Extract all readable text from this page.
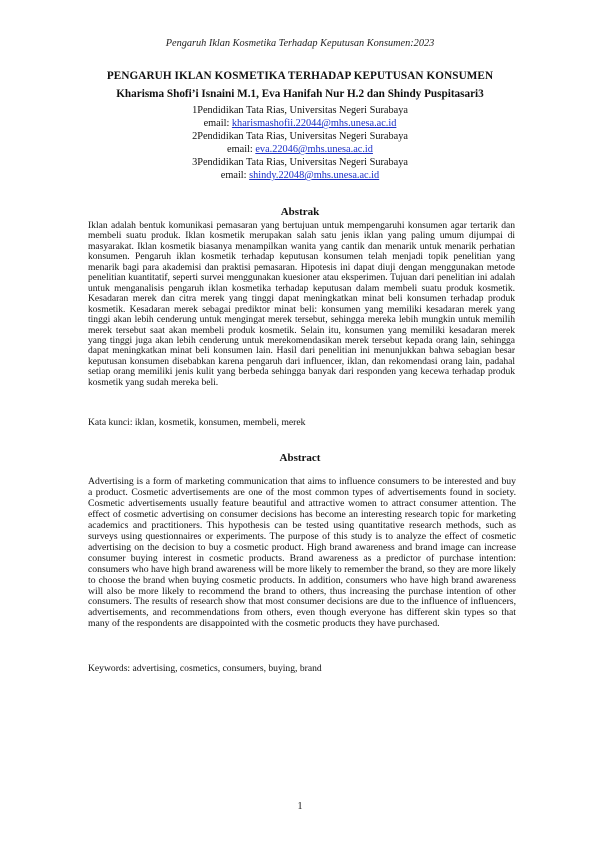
Pengaruh Iklan Kosmetika Terhadap Keputusan Konsumen:2023
PENGARUH IKLAN KOSMETIKA TERHADAP KEPUTUSAN KONSUMEN
Kharisma Shofi’i Isnaini M.1, Eva Hanifah Nur H.2 dan Shindy Puspitasari3
1Pendidikan Tata Rias, Universitas Negeri Surabaya
email: kharismashofii.22044@mhs.unesa.ac.id
2Pendidikan Tata Rias, Universitas Negeri Surabaya
email: eva.22046@mhs.unesa.ac.id
3Pendidikan Tata Rias, Universitas Negeri Surabaya
email: shindy.22048@mhs.unesa.ac.id
Abstrak

Iklan adalah bentuk komunikasi pemasaran yang bertujuan untuk mempengaruhi konsumen agar tertarik dan membeli suatu produk. Iklan kosmetik merupakan salah satu jenis iklan yang paling umum dijumpai di masyarakat. Iklan kosmetik biasanya menampilkan wanita yang cantik dan menarik untuk menarik perhatian konsumen. Pengaruh iklan kosmetik terhadap keputusan konsumen telah menjadi topik penelitian yang menarik bagi para akademisi dan praktisi pemasaran. Hipotesis ini dapat diuji dengan menggunakan metode penelitian kuantitatif, seperti survei menggunakan kuesioner atau eksperimen. Tujuan dari penelitian ini adalah untuk menganalisis pengaruh iklan kosmetika terhadap keputusan dalam membeli suatu produk kosmetik. Kesadaran merek dan citra merek yang tinggi dapat meningkatkan minat beli konsumen terhadap produk kosmetik. Kesadaran merek sebagai prediktor minat beli: konsumen yang memiliki kesadaran merek yang tinggi akan lebih cenderung untuk mengingat merek tersebut, sehingga mereka lebih mungkin untuk memilih merek tersebut saat akan membeli produk kosmetik. Selain itu, konsumen yang memiliki kesadaran merek yang tinggi juga akan lebih cenderung untuk merekomendasikan merek tersebut kepada orang lain, sehingga dapat meningkatkan minat beli konsumen lain. Hasil dari penelitian ini menunjukkan bahwa sebagian besar keputusan konsumen disebabkan karena pengaruh dari influencer, iklan, dan rekomendasi orang lain, padahal setiap orang memiliki jenis kulit yang berbeda sehingga banyak dari responden yang kecewa terhadap produk kosmetik yang sudah mereka beli.

Kata kunci: iklan, kosmetik, konsumen, membeli, merek
Abstract

Advertising is a form of marketing communication that aims to influence consumers to be interested and buy a product. Cosmetic advertisements are one of the most common types of advertisements found in society. Cosmetic advertisements usually feature beautiful and attractive women to attract consumer attention. The effect of cosmetic advertising on consumer decisions has become an interesting research topic for marketing academics and practitioners. This hypothesis can be tested using quantitative research methods, such as surveys using questionnaires or experiments. The purpose of this study is to analyze the effect of cosmetic advertising on the decision to buy a cosmetic product. High brand awareness and brand image can increase consumer buying interest in cosmetic products. Brand awareness as a predictor of purchase intention: consumers who have high brand awareness will be more likely to remember the brand, so they are more likely to choose the brand when buying cosmetic products. In addition, consumers who have high brand awareness will also be more likely to recommend the brand to others, thus increasing the purchase intention of other consumers. The results of research show that most consumer decisions are due to the influence of influencers, advertisements, and recommendations from others, even though everyone has different skin types so that many of the respondents are disappointed with the cosmetic products they have purchased.

Keywords: advertising, cosmetics, consumers, buying, brand
1
